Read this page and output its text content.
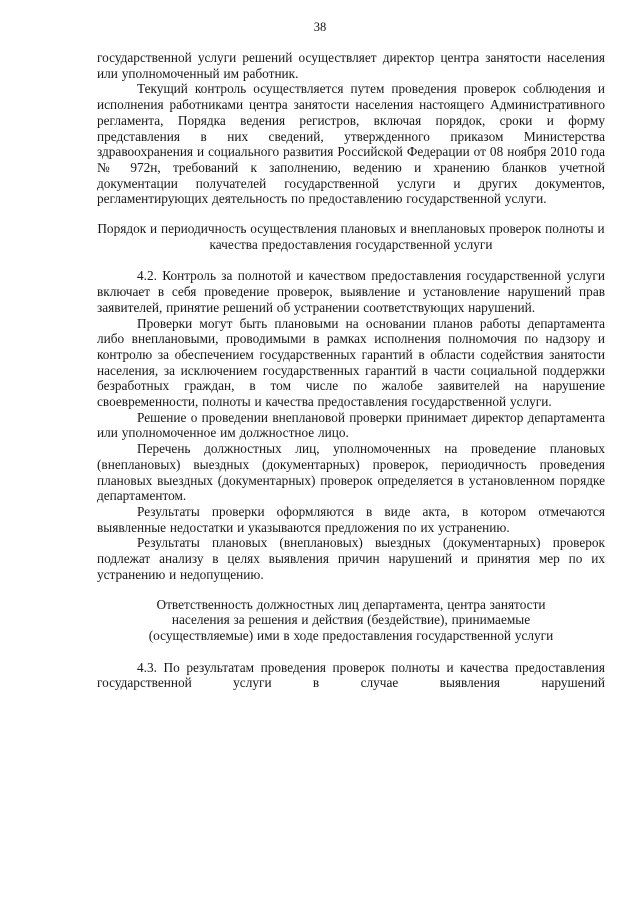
38

государственной услуги решений осуществляет директор центра занятости населения или уполномоченный им работник.

Текущий контроль осуществляется путем проведения проверок соблюдения и исполнения работниками центра занятости населения настоящего Административного регламента, Порядка ведения регистров, включая порядок, сроки и форму представления в них сведений, утвержденного приказом Министерства здравоохранения и социального развития Российской Федерации от 08 ноября 2010 года № 972н, требований к заполнению, ведению и хранению бланков учетной документации получателей государственной услуги и других документов, регламентирующих деятельность по предоставлению государственной услуги.

Порядок и периодичность осуществления плановых и внеплановых проверок полноты и качества предоставления государственной услуги

4.2. Контроль за полнотой и качеством предоставления государственной услуги включает в себя проведение проверок, выявление и установление нарушений прав заявителей, принятие решений об устранении соответствующих нарушений.

Проверки могут быть плановыми на основании планов работы департамента либо внеплановыми, проводимыми в рамках исполнения полномочия по надзору и контролю за обеспечением государственных гарантий в области содействия занятости населения, за исключением государственных гарантий в части социальной поддержки безработных граждан, в том числе по жалобе заявителей на нарушение своевременности, полноты и качества предоставления государственной услуги.

Решение о проведении внеплановой проверки принимает директор департамента или уполномоченное им должностное лицо.

Перечень должностных лиц, уполномоченных на проведение плановых (внеплановых) выездных (документарных) проверок, периодичность проведения плановых выездных (документарных) проверок определяется в установленном порядке департаментом.

Результаты проверки оформляются в виде акта, в котором отмечаются выявленные недостатки и указываются предложения по их устранению.

Результаты плановых (внеплановых) выездных (документарных) проверок подлежат анализу в целях выявления причин нарушений и принятия мер по их устранению и недопущению.

Ответственность должностных лиц департамента, центра занятости населения за решения и действия (бездействие), принимаемые (осуществляемые) ими в ходе предоставления государственной услуги

4.3. По результатам проведения проверок полноты и качества предоставления государственной услуги в случае выявления нарушений
